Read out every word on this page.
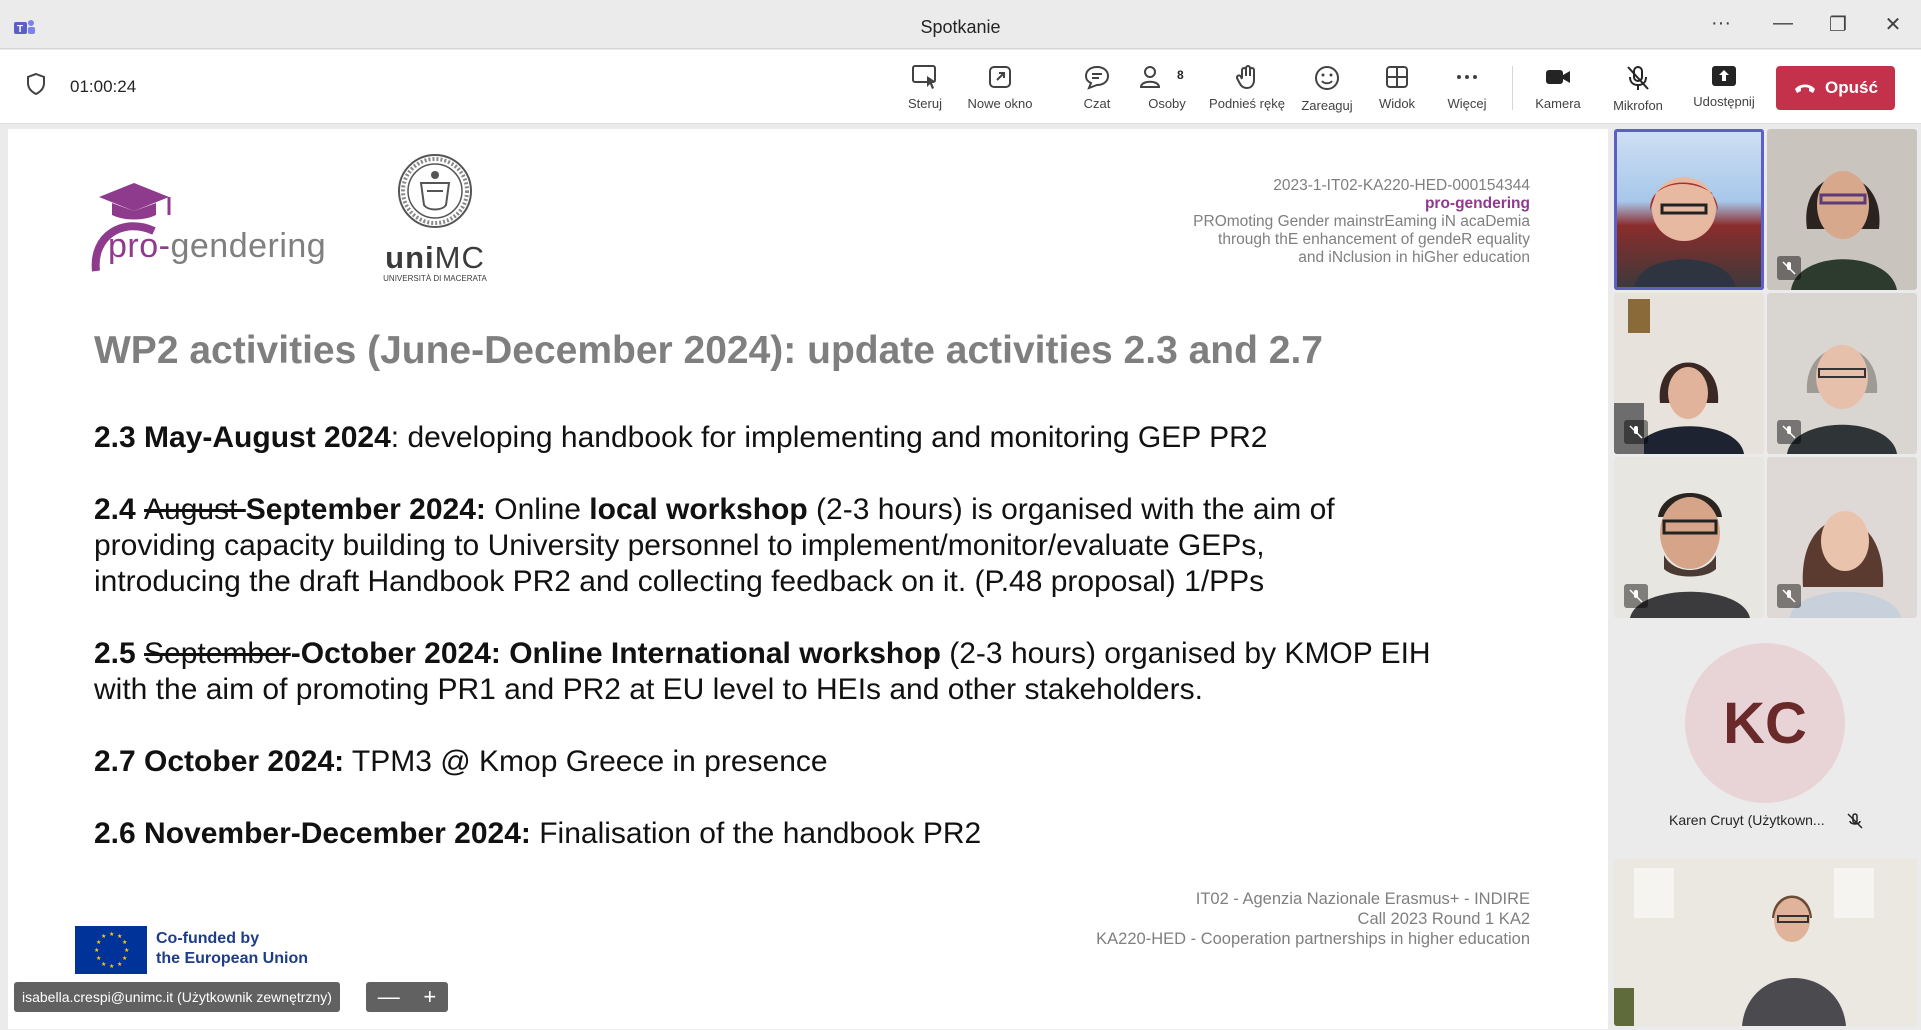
T	Spotkanie	··· —	❐	✕
01:00:24
Steruj	Nowe okno	Czat
8
Osoby	Podnieś rękę	Zareaguj	Widok	Więcej	Kamera	Mikrofon	Udostępnij
Opuść
pro-gendering uniMC
UNIVERSITÀ DI MACERATA
2023-1-IT02-KA220-HED-000154344
pro-gendering
PROmoting Gender mainstrEaming iN acaDemia
through thE enhancement of gendeR equality
and iNclusion in hiGher education
WP2 activities (June-December 2024): update activities 2.3 and 2.7
2.3 May-August 2024: developing handbook for implementing and monitoring GEP PR2
2.4 August September 2024: Online local workshop (2-3 hours) is organised with the aim of
providing capacity building to University personnel to implement/monitor/evaluate GEPs,
introducing the draft Handbook PR2 and collecting feedback on it. (P.48 proposal) 1/PPs
2.5 September-October 2024: Online International workshop (2-3 hours) organised by KMOP EIH
with the aim of promoting PR1 and PR2 at EU level to HEIs and other stakeholders.
2.7 October 2024: TPM3 @ Kmop Greece in presence
2.6 November-December 2024: Finalisation of the handbook PR2
IT02 - Agenzia Nazionale Erasmus+ - INDIRE
Call 2023 Round 1 KA2
KA220-HED - Cooperation partnerships in higher education
★ ★
★
★
★
★
★
★
★
★
★
★	Co-funded by
the European Union
isabella.crespi@unimc.it (Użytkownik zewnętrzny)	— +
KC
Karen Cruyt (Użytkown...
